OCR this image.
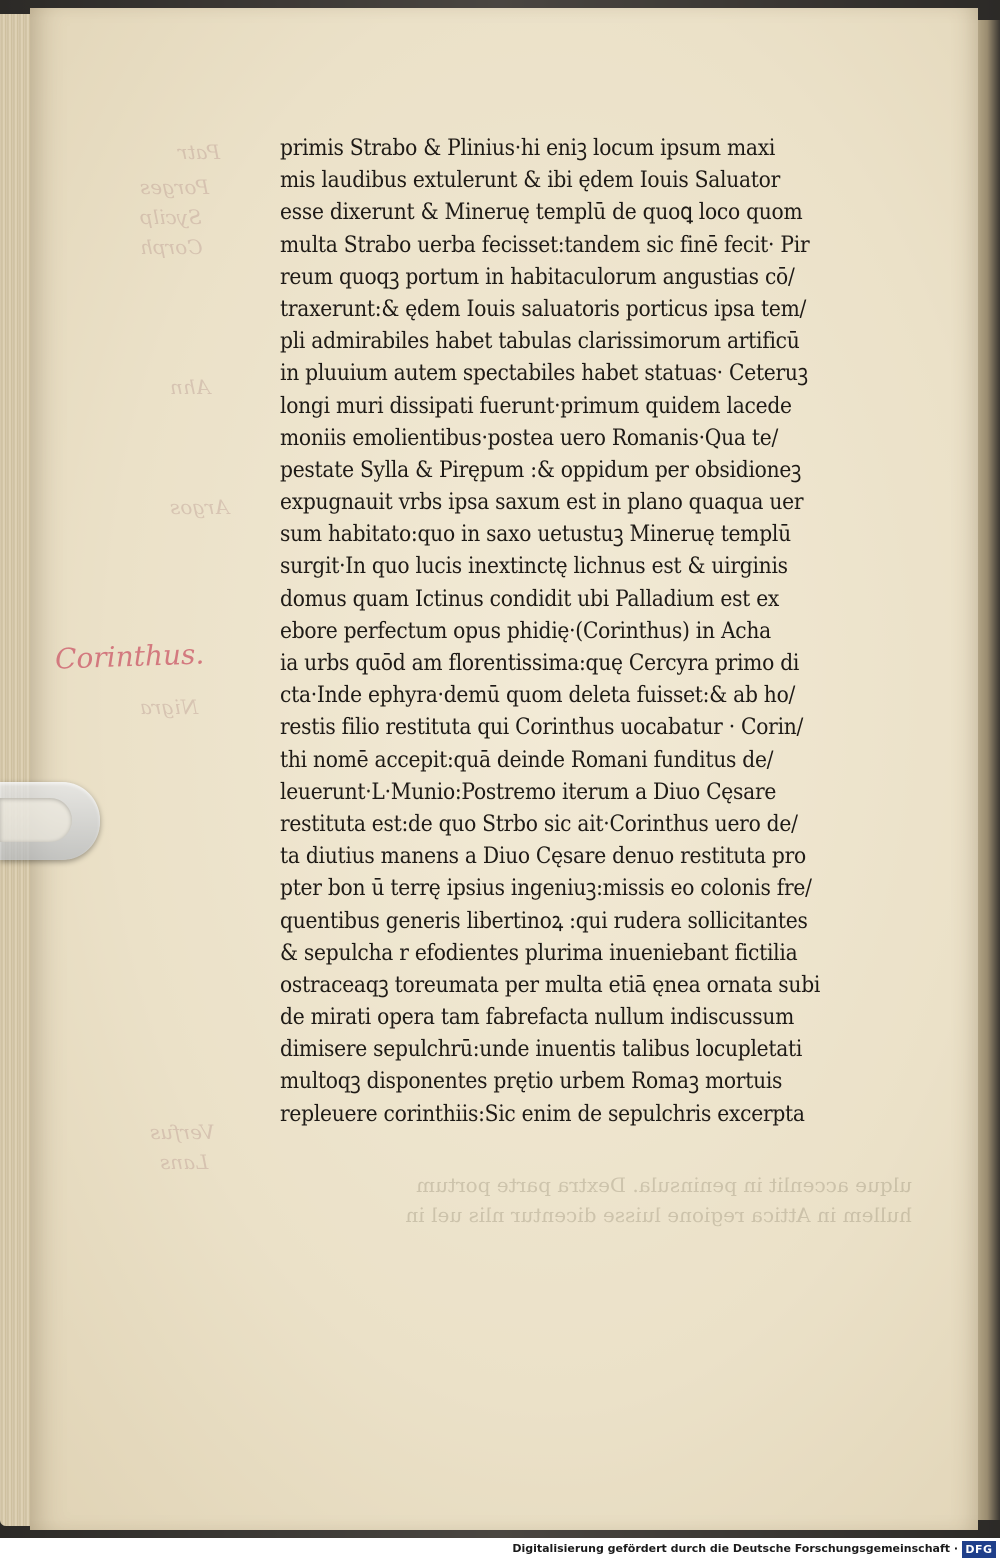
Patr
Porges
Sycilp
Corph
Ahn
Argos
Nigra
Verfus
Lans
ulque accenlit in peninsula. Dextra parte portum
hullem in Attica regione luisse dicentur nlis uel in
Corinthus.
primis Strabo & Plinius·hi eniꝫ locum ipsum maxi
mis laudibus extulerunt & ibi ędem Iouis Saluator
esse dixerunt & Mineruę templū de quoꝗ loco quom
multa Strabo uerba fecisset:tandem sic finē fecit· Pir
reum quoqꝫ portum in habitaculorum angustias cō/
traxerunt:& ędem Iouis saluatoris porticus ipsa tem/
pli admirabiles habet tabulas clarissimorum artificū
in pluuium autem spectabiles habet statuas· Ceteruꝫ
longi muri dissipati fuerunt·primum quidem lacede
moniis emolientibus·postea uero Romanis·Qua te/
pestate Sylla & Pirępum :& oppidum per obsidioneꝫ
expugnauit vrbs ipsa saxum est in plano quaqua uer
sum habitato:quo in saxo uetustuꝫ Mineruę templū
surgit·In quo lucis inextinctę lichnus est & uirginis
domus quam Ictinus condidit ubi Palladium est ex
ebore perfectum opus phidię·(Corinthus) in Acha
ia urbs quōd am florentissima:quę Cercyra primo di
cta·Inde ephyra·demū quom deleta fuisset:& ab ho/
restis filio restituta qui Corinthus uocabatur · Corin/
thi nomē accepit:quā deinde Romani funditus de/
leuerunt·L·Munio:Postremo iterum a Diuo Cęsare
restituta est:de quo Strbo sic ait·Corinthus uero de/
ta diutius manens a Diuo Cęsare denuo restituta pro
pter bon ū terrę ipsius ingeniuꝫ:missis eo colonis fre/
quentibus generis libertinoꝝ :qui rudera sollicitantes
& sepulcha r efodientes plurima inueniebant fictilia
ostraceaqꝫ toreumata per multa etiā ęnea ornata subi
de mirati opera tam fabrefacta nullum indiscussum
dimisere sepulchrū:unde inuentis talibus locupletati
multoqꝫ disponentes prętio urbem Romaꝫ mortuis
repleuere corinthiis:Sic enim de sepulchris excerpta
Digitalisierung gefördert durch die Deutsche Forschungsgemeinschaft · DFG
